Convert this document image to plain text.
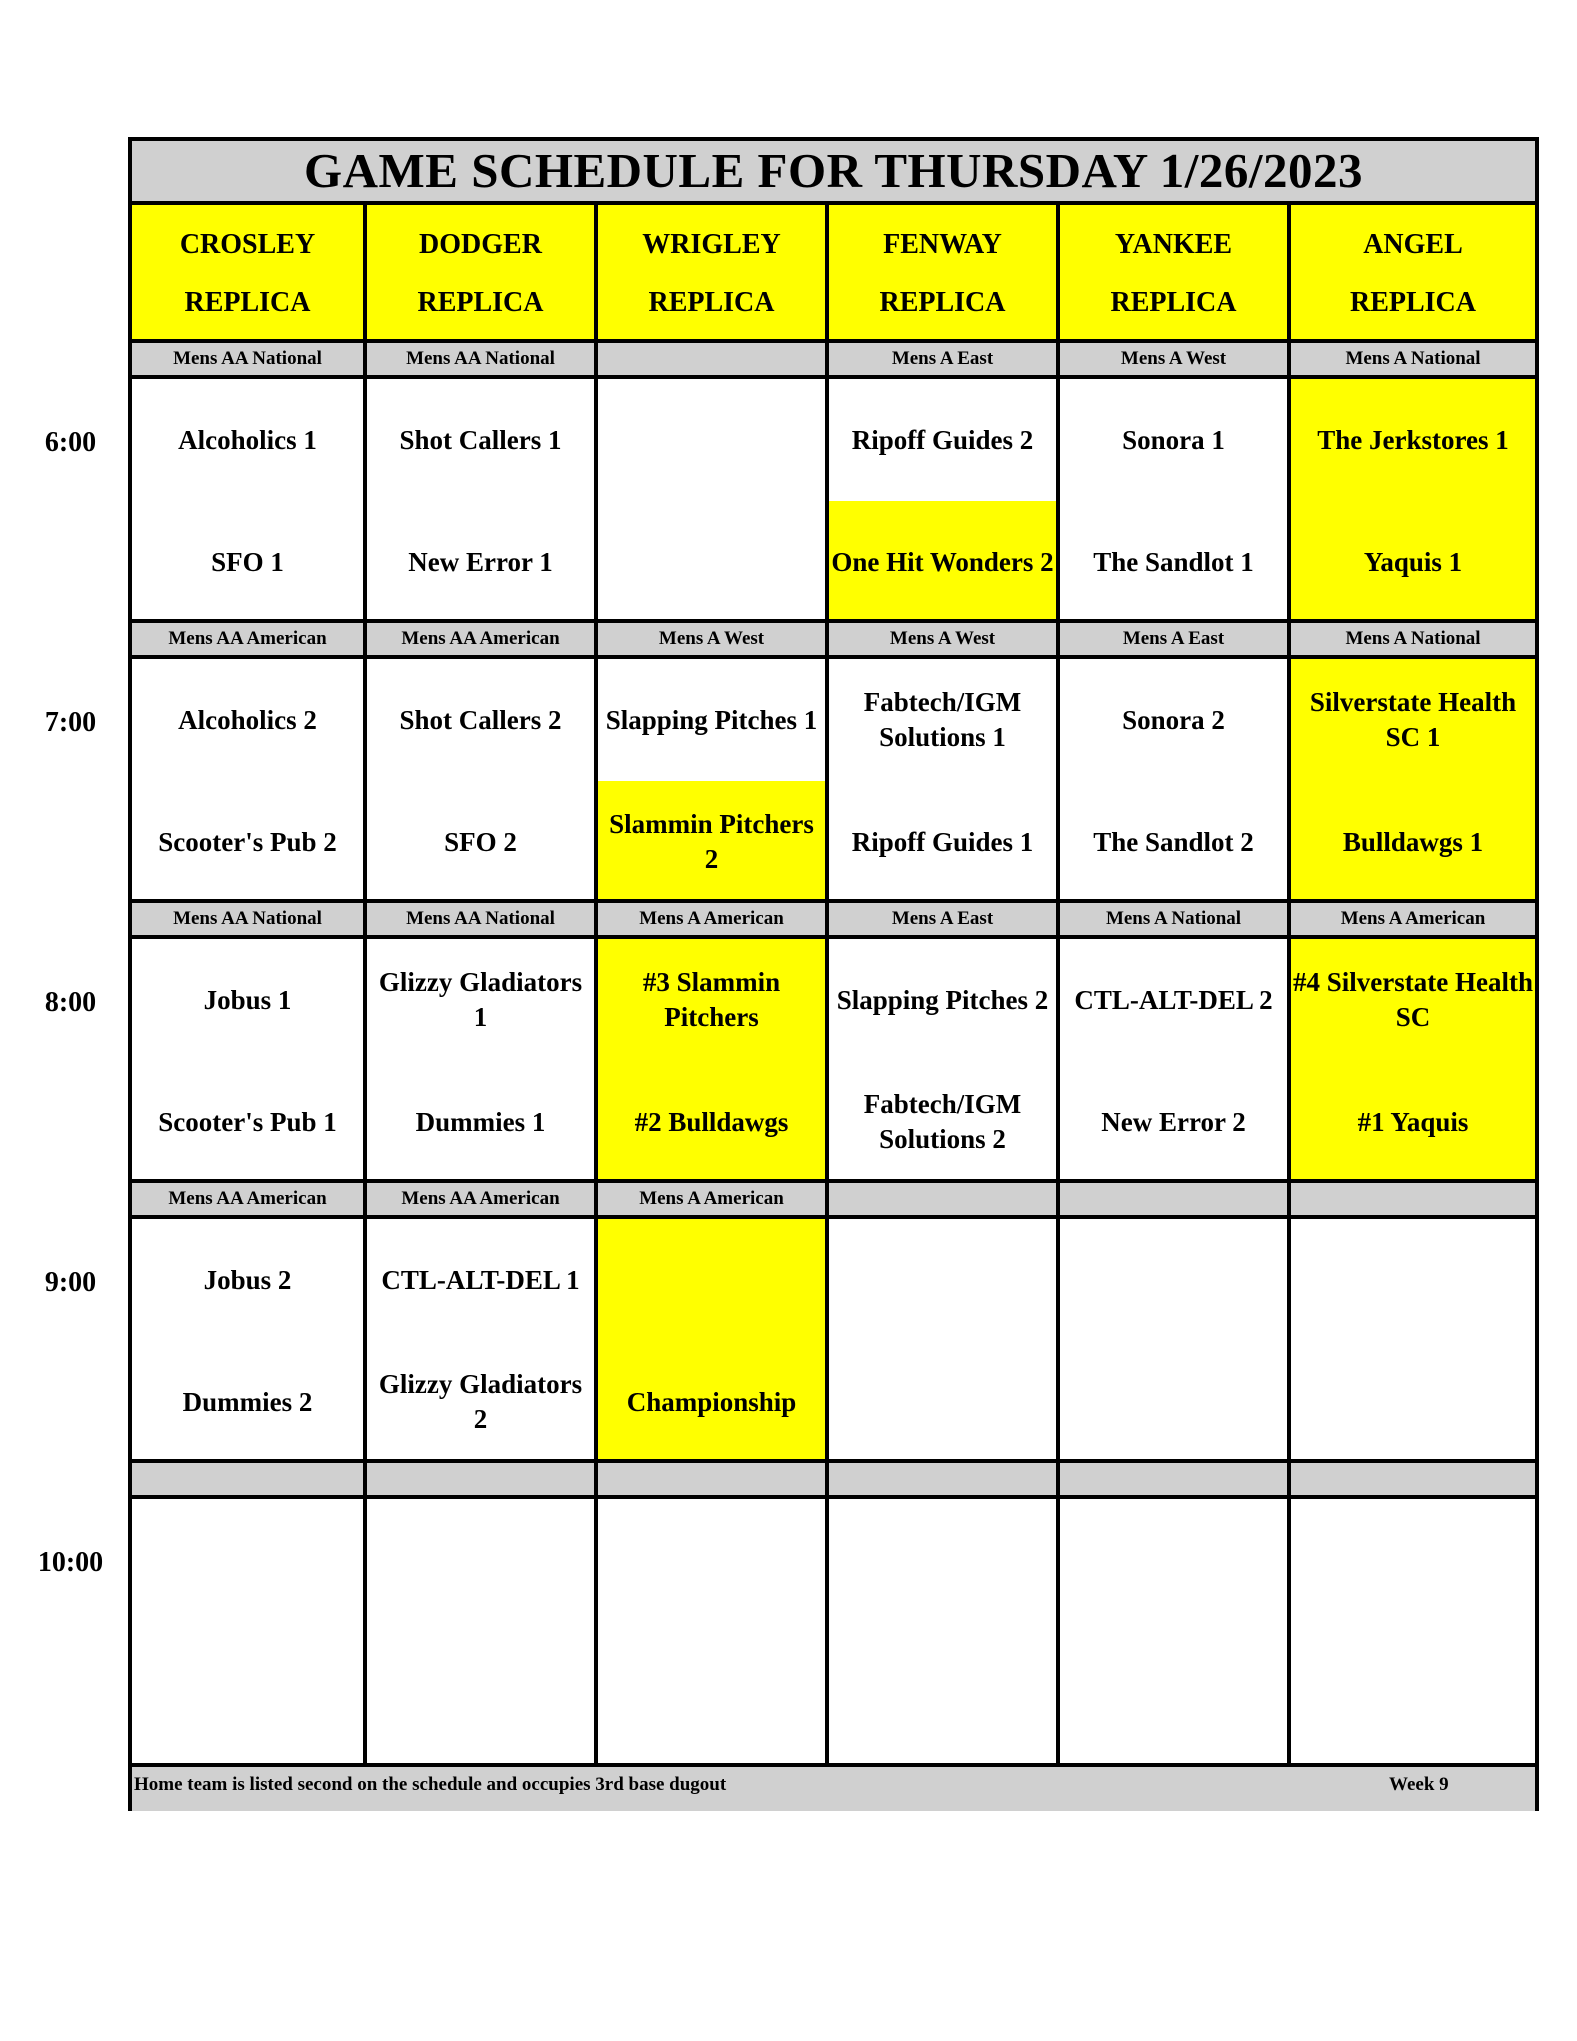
GAME SCHEDULE FOR THURSDAY 1/26/2023
CROSLEY
REPLICA
DODGER
REPLICA
WRIGLEY
REPLICA
FENWAY
REPLICA
YANKEE
REPLICA
ANGEL
REPLICA
6:00
Mens AA National
Alcoholics 1
SFO 1
Mens AA National
Shot Callers 1
New Error 1
Mens A East
Ripoff Guides 2
One Hit Wonders 2
Mens A West
Sonora 1
The Sandlot 1
Mens A National
The Jerkstores 1
Yaquis 1
7:00
Mens AA American
Alcoholics 2
Scooter's Pub 2
Mens AA American
Shot Callers 2
SFO 2
Mens A West
Slapping Pitches 1
Slammin Pitchers 2
Mens A West
Fabtech/IGM Solutions 1
Ripoff Guides 1
Mens A East
Sonora 2
The Sandlot 2
Mens A National
Silverstate Health SC 1
Bulldawgs 1
8:00
Mens AA National
Jobus 1
Scooter's Pub 1
Mens AA National
Glizzy Gladiators 1
Dummies 1
Mens A American
#3 Slammin Pitchers
#2 Bulldawgs
Mens A East
Slapping Pitches 2
Fabtech/IGM Solutions 2
Mens A National
CTL-ALT-DEL 2
New Error 2
Mens A American
#4 Silverstate Health SC
#1 Yaquis
9:00
Mens AA American
Jobus 2
Dummies 2
Mens AA American
CTL-ALT-DEL 1
Glizzy Gladiators 2
Mens A American
Championship
10:00
Home team is listed second on the schedule and occupies 3rd base dugout	Week 9
